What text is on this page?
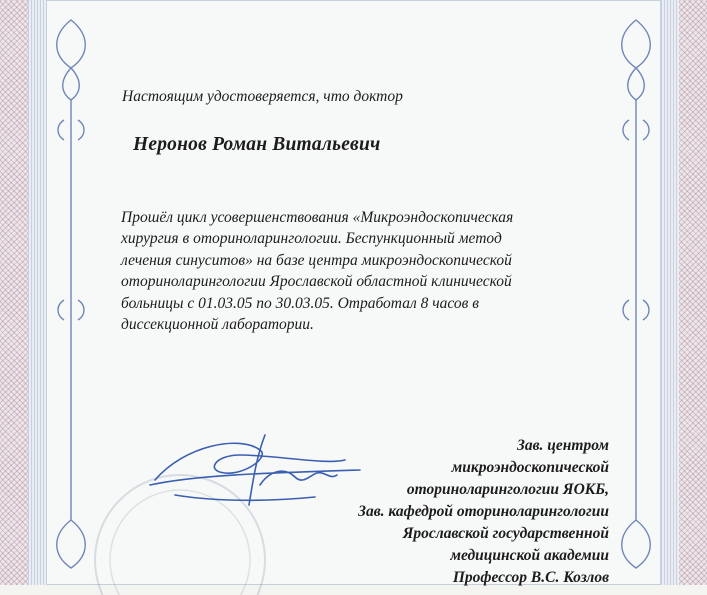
Настоящим удостоверяется, что доктор
Неронов Роман Витальевич
Прошёл цикл усовершенствования «Микроэндоскопическая
хирургия в оториноларингологии. Беспункционный метод
лечения синуситов» на базе центра микроэндоскопической
оториноларингологии Ярославской областной клинической
больницы с 01.03.05 по 30.03.05. Отработал 8 часов в
диссекционной лаборатории.
Зав. центром
микроэндоскопической
оториноларингологии ЯОКБ,
Зав. кафедрой оториноларингологии
Ярославской государственной
медицинской академии
Профессор В.С. Козлов
